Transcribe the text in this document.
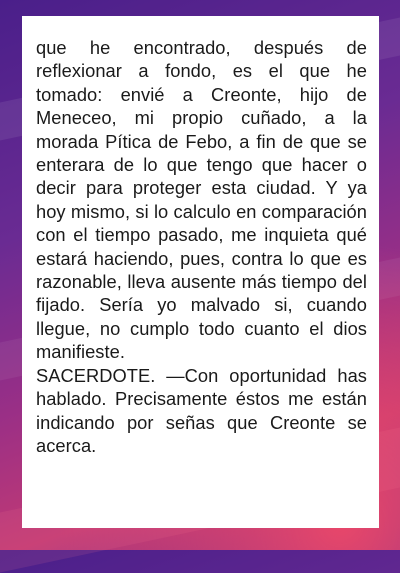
que he encontrado, después de reflexionar a fondo, es el que he tomado: envié a Creonte, hijo de Meneceo, mi propio cuñado, a la morada Pítica de Febo, a fin de que se enterara de lo que tengo que hacer o decir para proteger esta ciudad. Y ya hoy mismo, si lo calculo en comparación con el tiempo pasado, me inquieta qué estará haciendo, pues, contra lo que es razonable, lleva ausente más tiempo del fijado. Sería yo malvado si, cuando llegue, no cumplo todo cuanto el dios manifieste.

SACERDOTE. —Con oportunidad has hablado. Precisamente éstos me están indicando por señas que Creonte se acerca.
